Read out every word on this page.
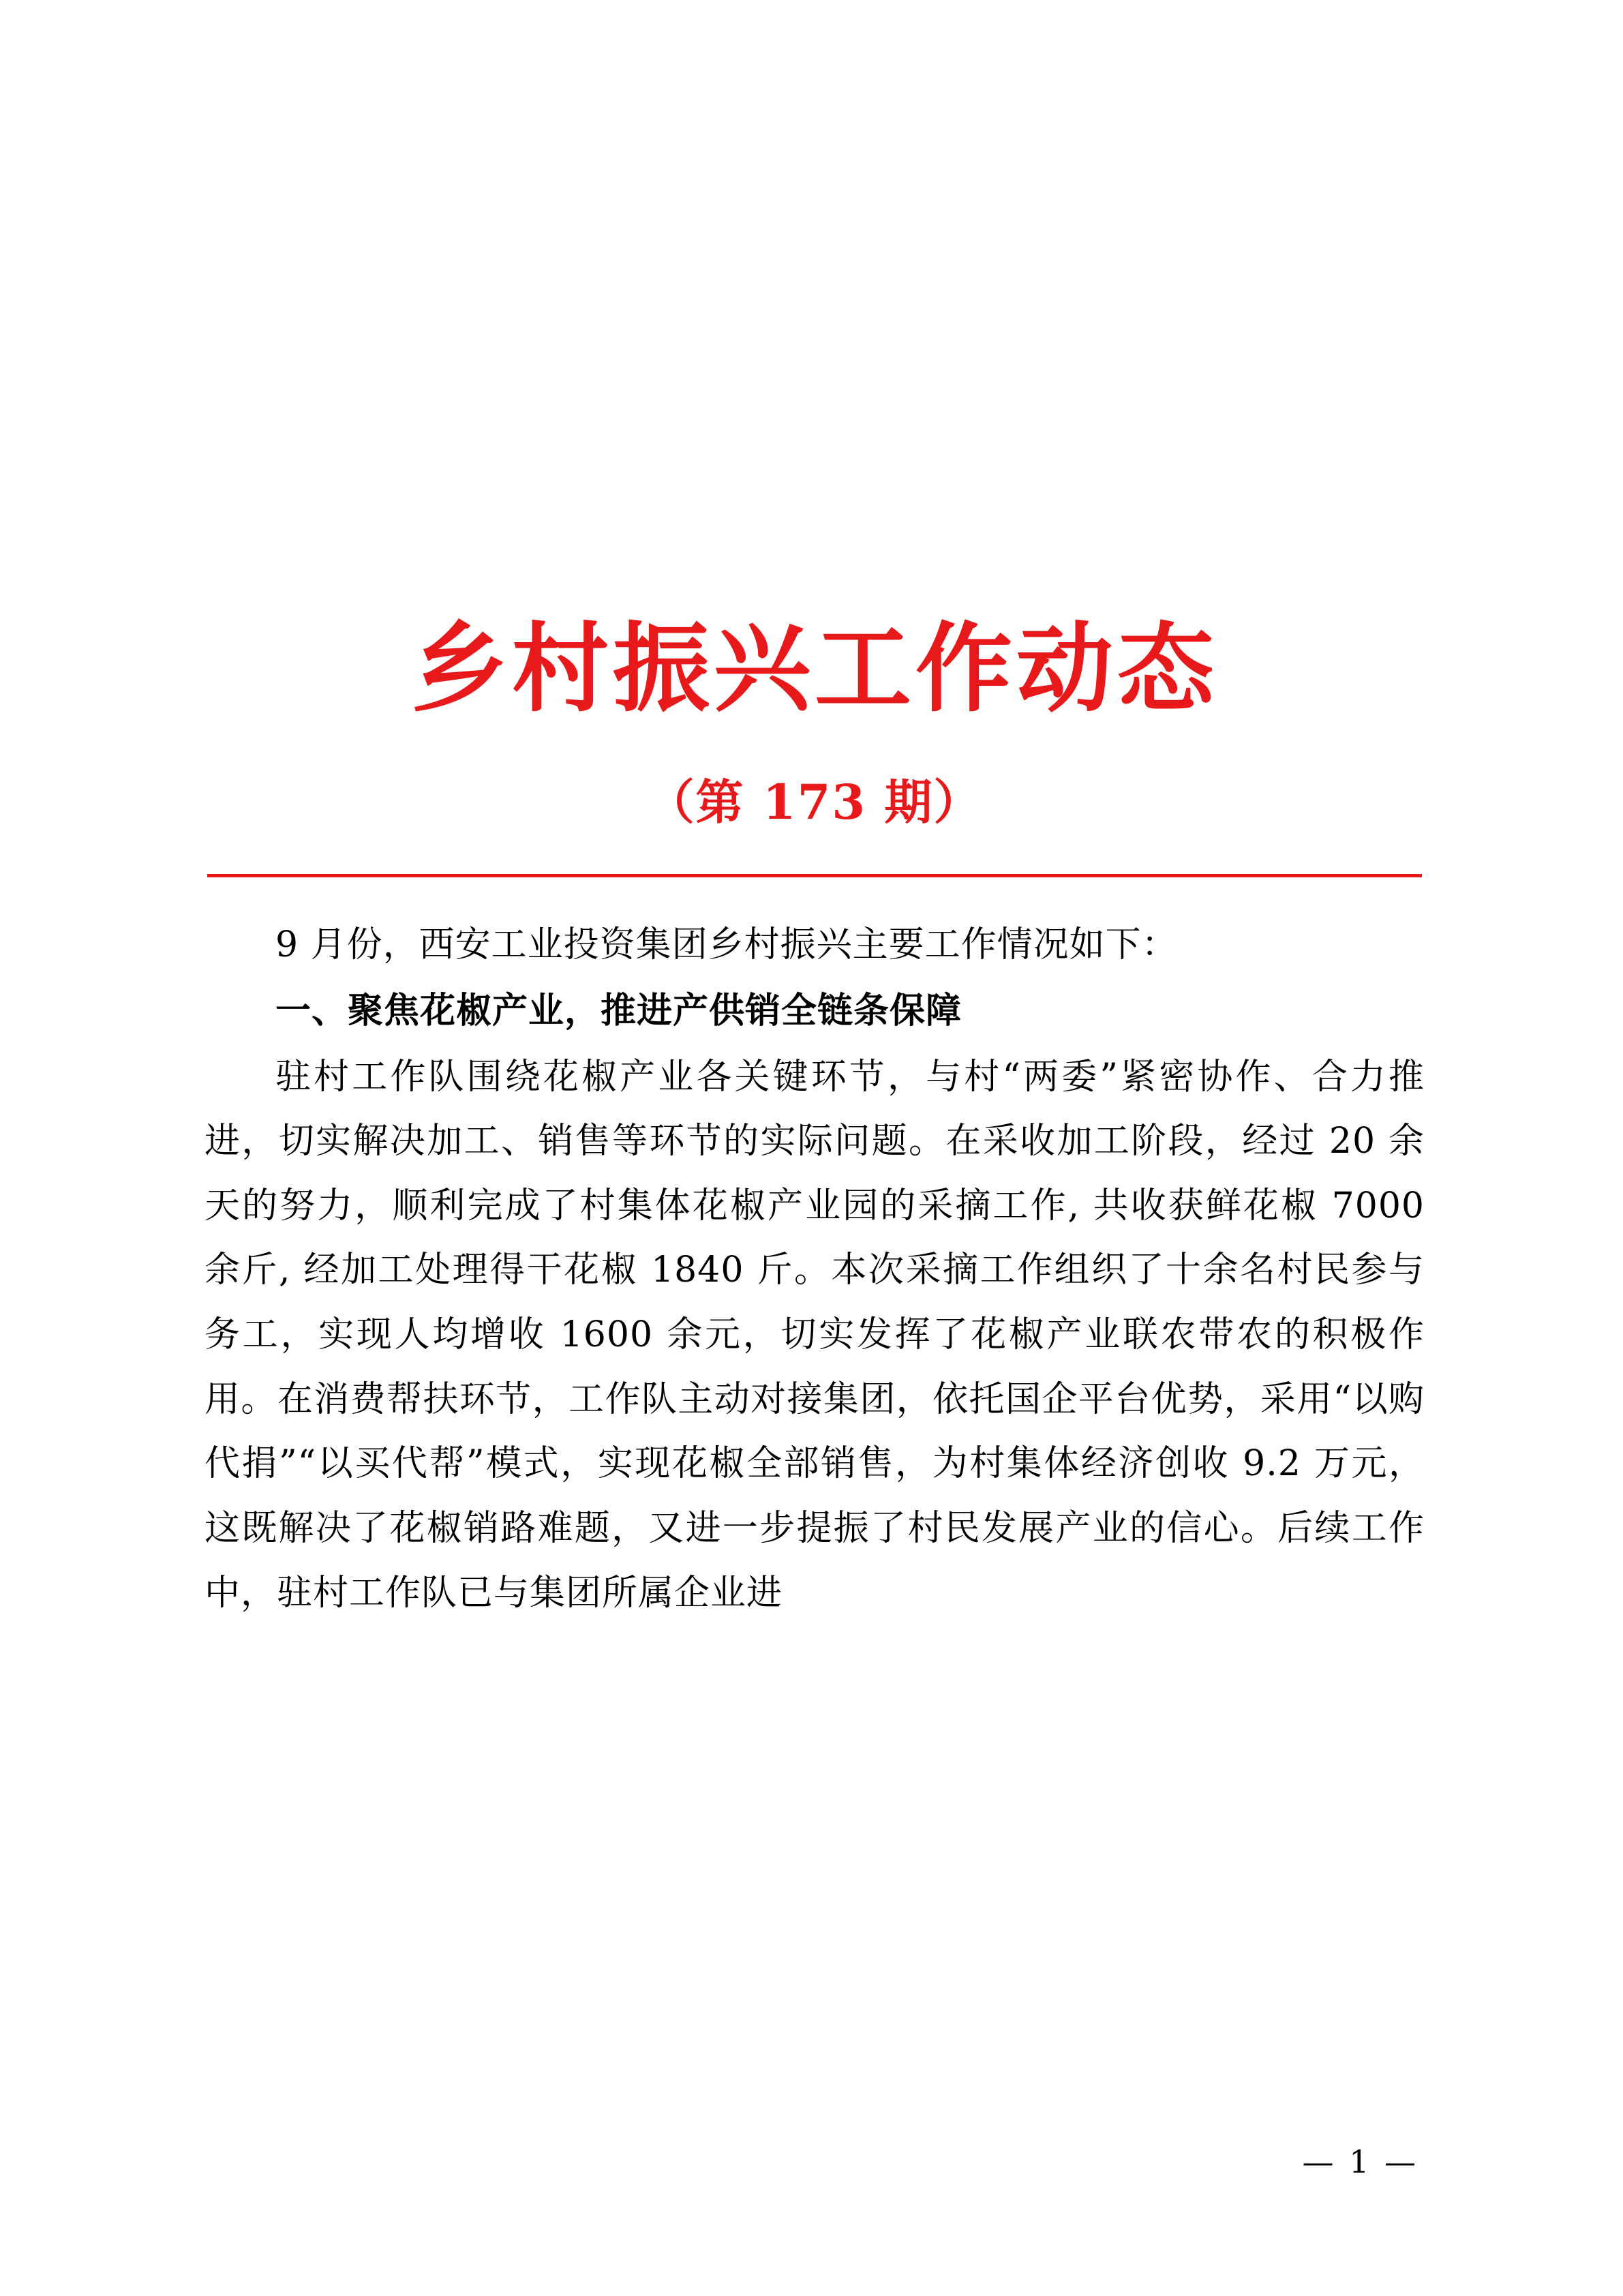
乡村振兴工作动态
（第 173 期）

9 月份，西安工业投资集团乡村振兴主要工作情况如下：

一、聚焦花椒产业，推进产供销全链条保障

驻村工作队围绕花椒产业各关键环节，与村“两委”紧密协作、合力推进，切实解决加工、销售等环节的实际问题。在采收加工阶段，经过 20 余天的努力，顺利完成了村集体花椒产业园的采摘工作, 共收获鲜花椒 7000 余斤, 经加工处理得干花椒 1840 斤。本次采摘工作组织了十余名村民参与务工，实现人均增收 1600 余元，切实发挥了花椒产业联农带农的积极作用。在消费帮扶环节，工作队主动对接集团，依托国企平台优势，采用“以购代捐”“以买代帮”模式，实现花椒全部销售，为村集体经济创收 9.2 万元，这既解决了花椒销路难题，又进一步提振了村民发展产业的信心。后续工作中，驻村工作队已与集团所属企业进

— 1 —
